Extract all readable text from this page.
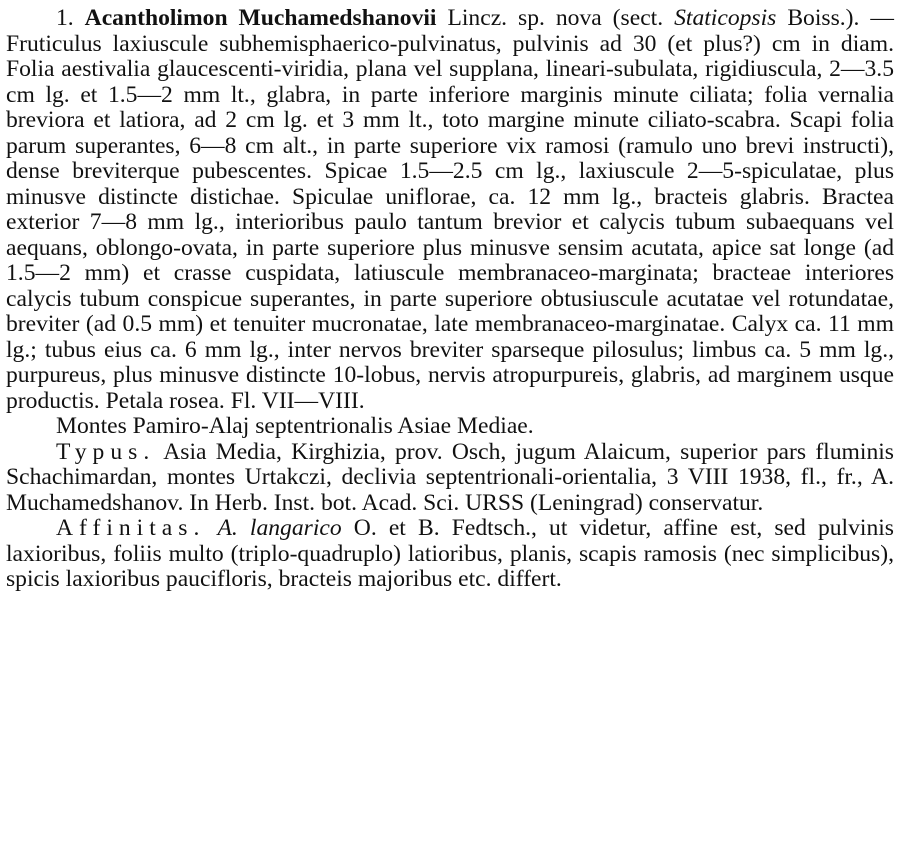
1. Acantholimon Muchamedshanovii Lincz. sp. nova (sect. Staticopsis Boiss.). — Fruticulus laxiuscule subhemisphaerico-pulvinatus, pulvinis ad 30 (et plus?) cm in diam. Folia aestivalia glaucescenti-viridia, plana vel supplana, lineari-subulata, rigidiuscula, 2—3.5 cm lg. et 1.5—2 mm lt., glabra, in parte inferiore marginis minute ciliata; folia vernalia breviora et latiora, ad 2 cm lg. et 3 mm lt., toto margine minute ciliato-scabra. Scapi folia parum superantes, 6—8 cm alt., in parte superiore vix ramosi (ramulo uno brevi instructi), dense breviterque pubescentes. Spicae 1.5—2.5 cm lg., laxiuscule 2—5-spiculatae, plus minusve distincte distichae. Spiculae uniflorae, ca. 12 mm lg., bracteis glabris. Bractea exterior 7—8 mm lg., interioribus paulo tantum brevior et calycis tubum subaequans vel aequans, oblongo-ovata, in parte superiore plus minusve sensim acutata, apice sat longe (ad 1.5—2 mm) et crasse cuspidata, latiuscule membranaceo-marginata; bracteae interiores calycis tubum conspicue superantes, in parte superiore obtusiuscule acutatae vel rotundatae, breviter (ad 0.5 mm) et tenuiter mucronatae, late membranaceo-marginatae. Calyx ca. 11 mm lg.; tubus eius ca. 6 mm lg., inter nervos breviter sparseque pilosulus; limbus ca. 5 mm lg., purpureus, plus minusve distincte 10-lobus, nervis atropurpureis, glabris, ad marginem usque productis. Petala rosea. Fl. VII—VIII.

Montes Pamiro-Alaj septentrionalis Asiae Mediae.

Typus. Asia Media, Kirghizia, prov. Osch, jugum Alaicum, superior pars fluminis Schachimardan, montes Urtakczi, declivia septentrionali-orientalia, 3 VIII 1938, fl., fr., A. Muchamedshanov. In Herb. Inst. bot. Acad. Sci. URSS (Leningrad) conservatur.

Affinitas. A. langarico O. et B. Fedtsch., ut videtur, affine est, sed pulvinis laxioribus, foliis multo (triplo-quadruplo) latioribus, planis, scapis ramosis (nec simplicibus), spicis laxioribus paucifloris, bracteis majoribus etc. differt.
